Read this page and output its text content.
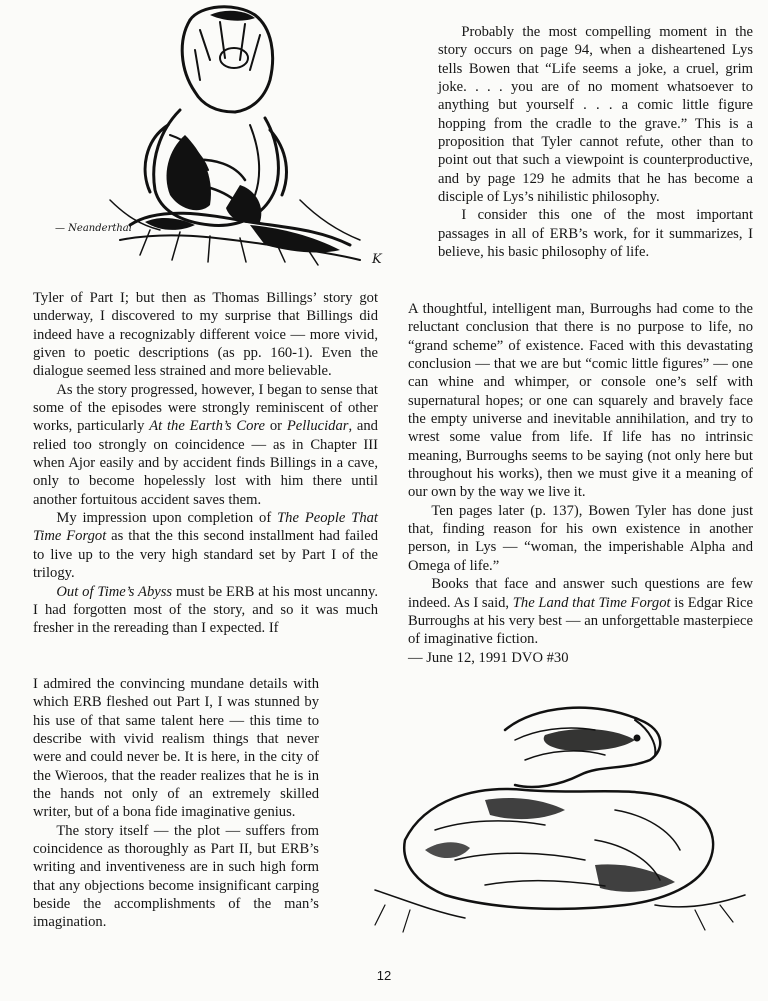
— Neanderthal
K

Tyler of Part I; but then as Thomas Billings’ story got underway, I discovered to my surprise that Billings did indeed have a recognizably different voice — more vivid, given to poetic descriptions (as pp. 160-1). Even the dialogue seemed less strained and more believable.

As the story progressed, however, I began to sense that some of the episodes were strongly reminiscent of other works, particularly At the Earth’s Core or Pellucidar, and relied too strongly on coincidence — as in Chapter III when Ajor easily and by accident finds Billings in a cave, only to become hopelessly lost with him there until another fortuitous accident saves them.

My impression upon completion of The People That Time Forgot as that the this second installment had failed to live up to the very high standard set by Part I of the trilogy.

Out of Time’s Abyss must be ERB at his most uncanny. I had forgotten most of the story, and so it was much fresher in the rereading than I expected. If

I admired the convincing mundane details with which ERB fleshed out Part I, I was stunned by his use of that same talent here — this time to describe with vivid realism things that never were and could never be. It is here, in the city of the Wieroos, that the reader realizes that he is in the hands not only of an extremely skilled writer, but of a bona fide imaginative genius.

The story itself — the plot — suffers from coincidence as thoroughly as Part II, but ERB’s writing and inventiveness are in such high form that any objections become insignificant carping beside the accomplishments of the man’s imagination.

Probably the most compelling moment in the story occurs on page 94, when a disheartened Lys tells Bowen that “Life seems a joke, a cruel, grim joke. . . . you are of no moment whatsoever to anything but yourself . . . a comic little figure hopping from the cradle to the grave.” This is a proposition that Tyler cannot refute, other than to point out that such a viewpoint is counterproductive, and by page 129 he admits that he has become a disciple of Lys’s nihilistic philosophy.

I consider this one of the most important passages in all of ERB’s work, for it summarizes, I believe, his basic philosophy of life.

A thoughtful, intelligent man, Burroughs had come to the reluctant conclusion that there is no purpose to life, no “grand scheme” of existence. Faced with this devastating conclusion — that we are but “comic little figures” — one can whine and whimper, or console one’s self with supernatural hopes; or one can squarely and bravely face the empty universe and inevitable annihilation, and try to wrest some value from life. If life has no intrinsic meaning, Burroughs seems to be saying (not only here but throughout his works), then we must give it a meaning of our own by the way we live it.

Ten pages later (p. 137), Bowen Tyler has done just that, finding reason for his own existence in another person, in Lys — “woman, the imperishable Alpha and Omega of life.”

Books that face and answer such questions are few indeed. As I said, The Land that Time Forgot is Edgar Rice Burroughs at his very best — an unforgettable masterpiece of imaginative fiction.

— June 12, 1991 DVO #30

12
